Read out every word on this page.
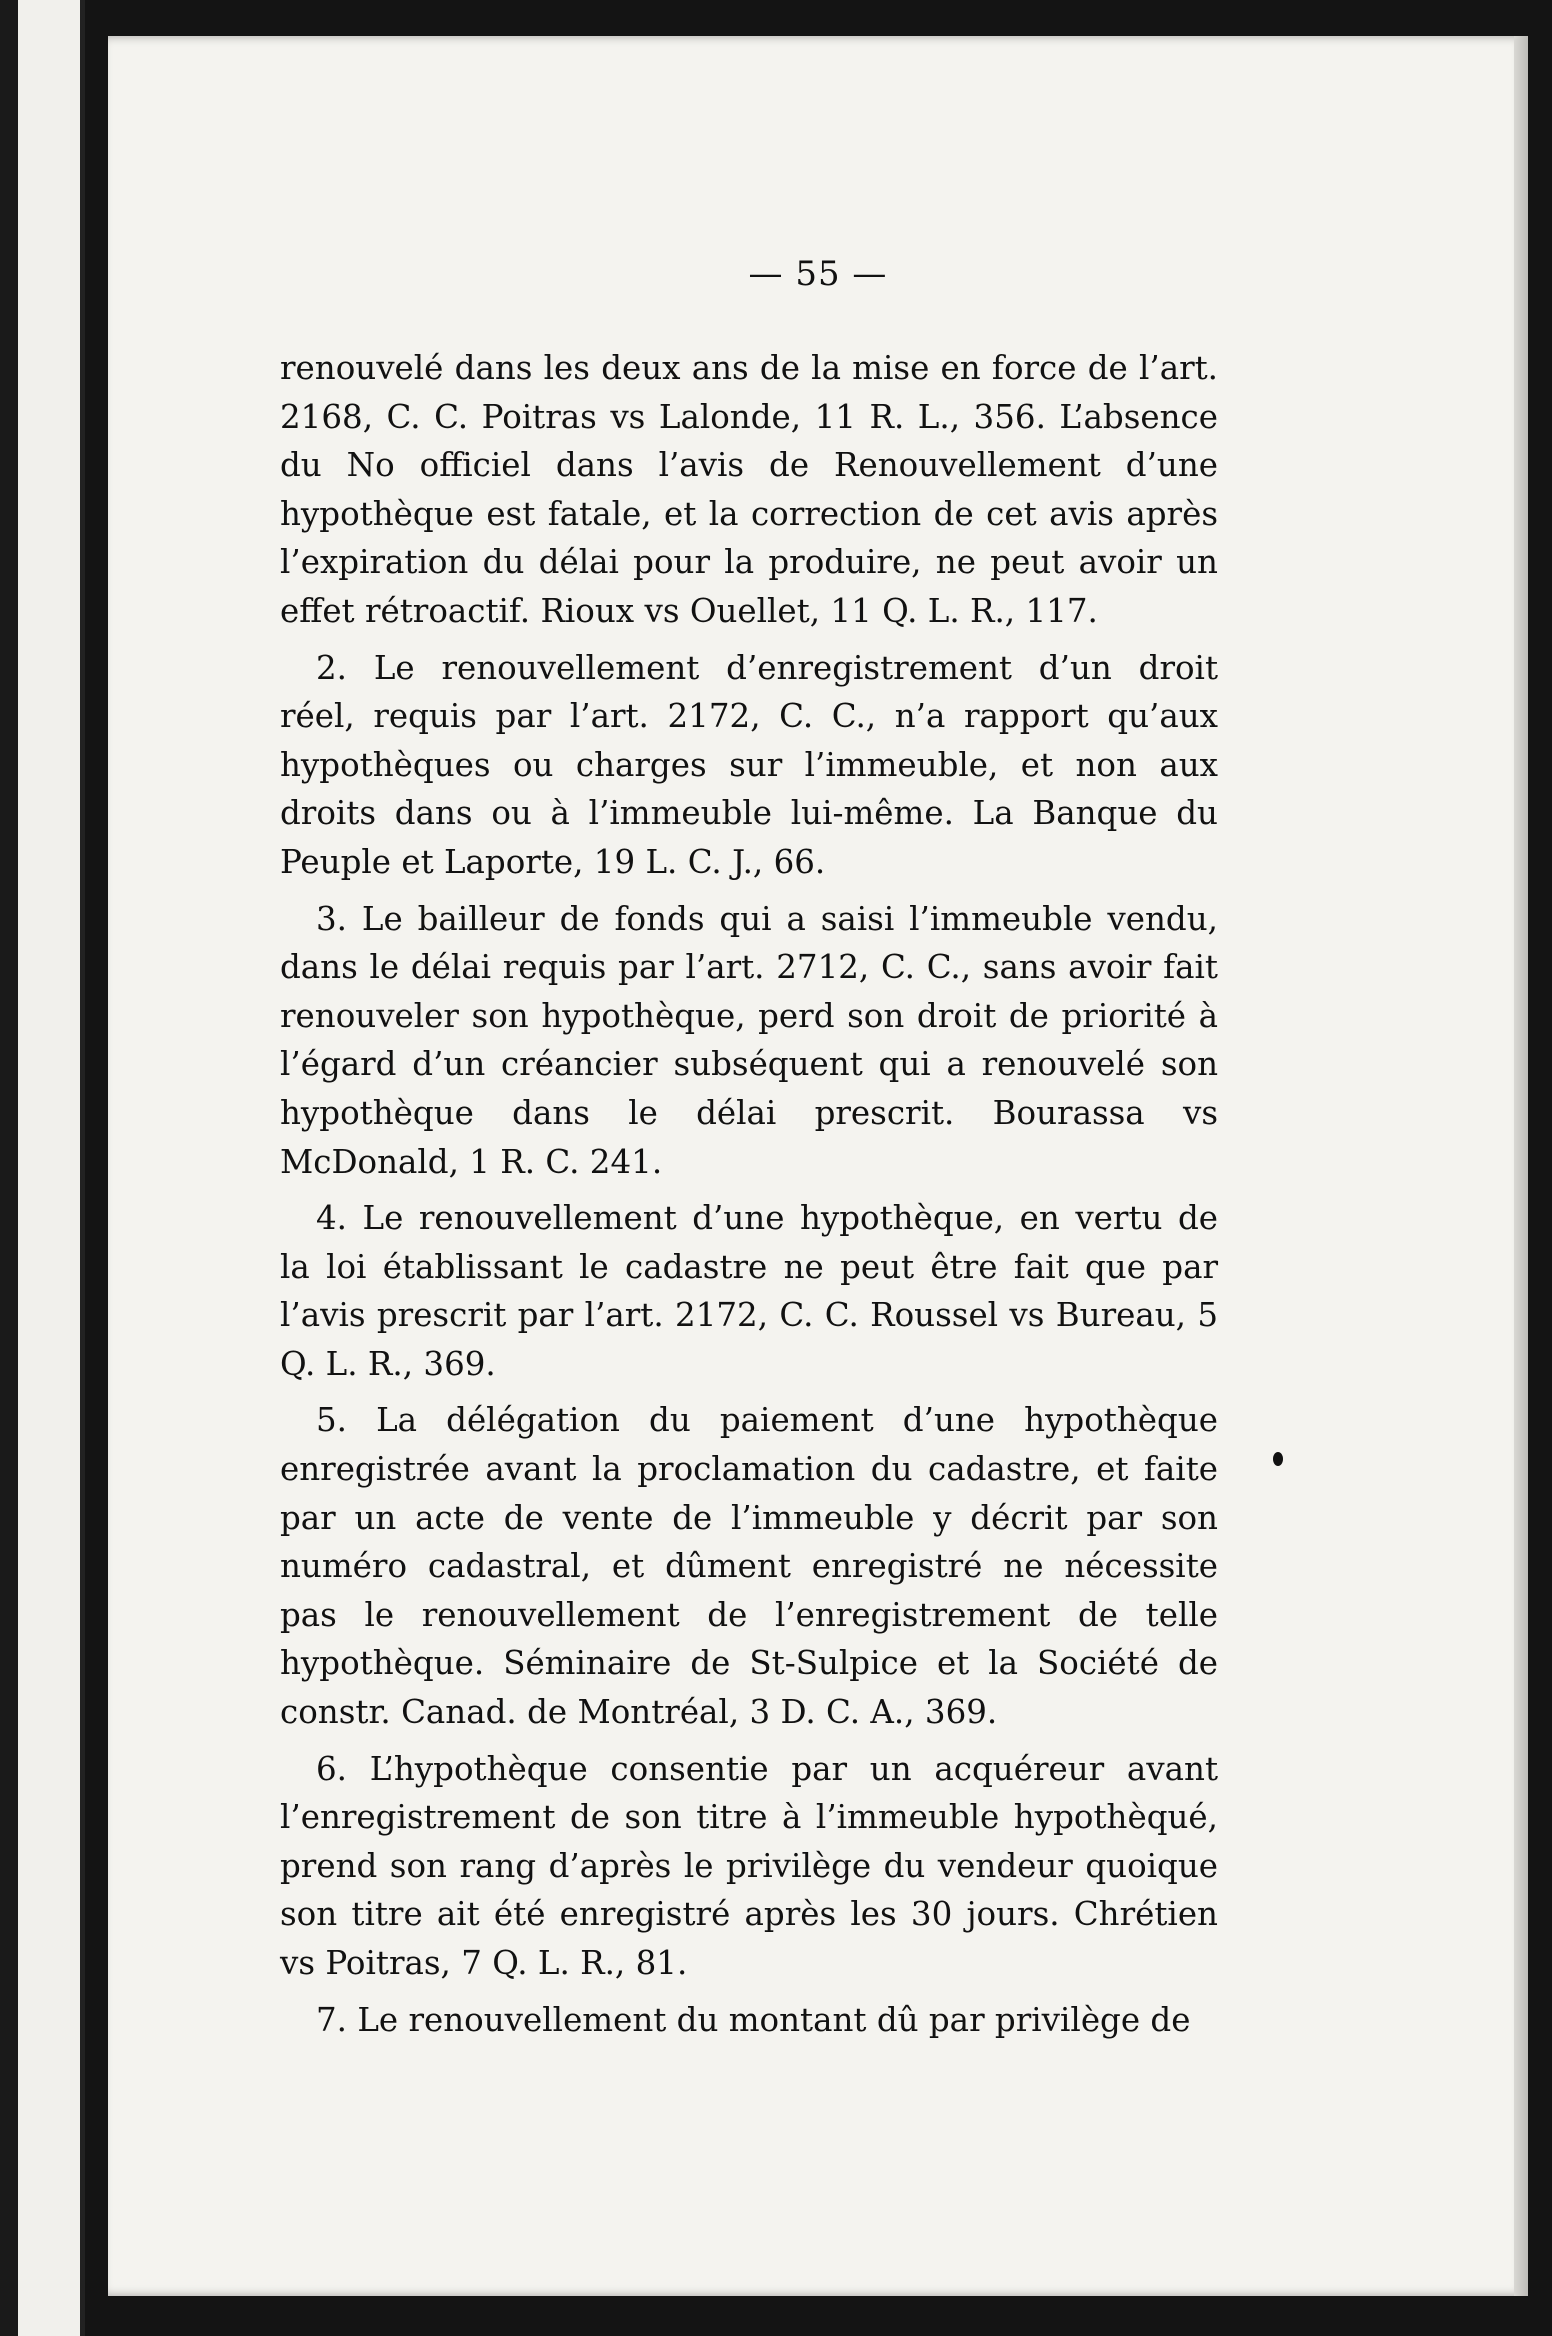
— 55 —

renouvelé dans les deux ans de la mise en force de l’art. 2168, C. C. Poitras vs Lalonde, 11 R. L., 356. L’absence du No officiel dans l’avis de Renouvellement d’une hypothèque est fatale, et la correction de cet avis après l’expiration du délai pour la produire, ne peut avoir un effet rétroactif. Rioux vs Ouellet, 11 Q. L. R., 117.

2. Le renouvellement d’enregistrement d’un droit réel, requis par l’art. 2172, C. C., n’a rapport qu’aux hypothèques ou charges sur l’immeuble, et non aux droits dans ou à l’immeuble lui-même. La Banque du Peuple et Laporte, 19 L. C. J., 66.

3. Le bailleur de fonds qui a saisi l’immeuble vendu, dans le délai requis par l’art. 2712, C. C., sans avoir fait renouveler son hypothèque, perd son droit de priorité à l’égard d’un créancier subséquent qui a renouvelé son hypothèque dans le délai prescrit. Bourassa vs McDonald, 1 R. C. 241.

4. Le renouvellement d’une hypothèque, en vertu de la loi établissant le cadastre ne peut être fait que par l’avis prescrit par l’art. 2172, C. C. Roussel vs Bureau, 5 Q. L. R., 369.

5. La délégation du paiement d’une hypothèque enregistrée avant la proclamation du cadastre, et faite par un acte de vente de l’immeuble y décrit par son numéro cadastral, et dûment enregistré ne nécessite pas le renouvellement de l’enregistrement de telle hypothèque. Séminaire de St-Sulpice et la Société de constr. Canad. de Montréal, 3 D. C. A., 369.

6. L’hypothèque consentie par un acquéreur avant l’enregistrement de son titre à l’immeuble hypothèqué, prend son rang d’après le privilège du vendeur quoique son titre ait été enregistré après les 30 jours. Chrétien vs Poitras, 7 Q. L. R., 81.

7. Le renouvellement du montant dû par privilège de
